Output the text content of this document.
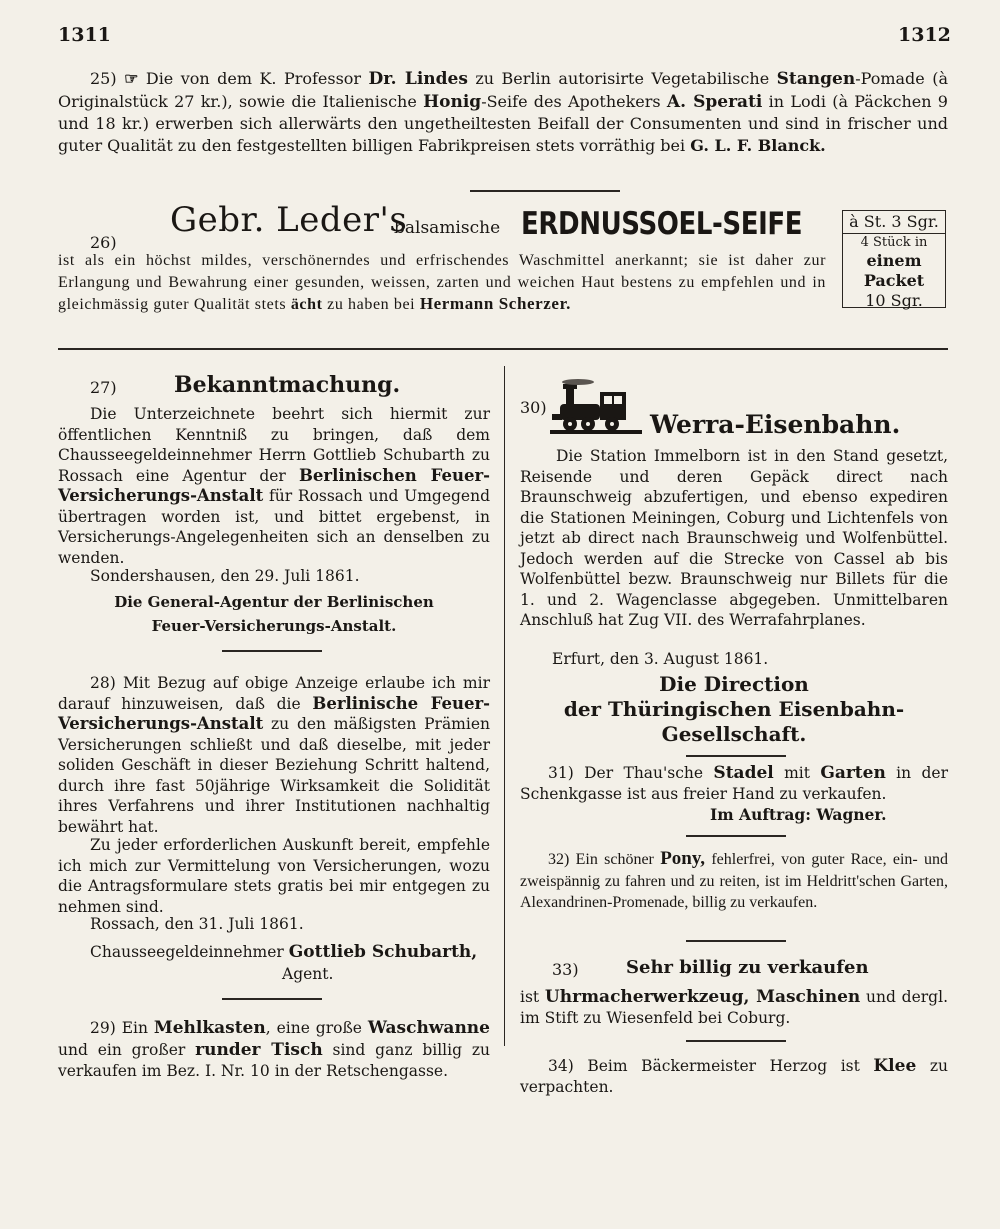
1311	1312
25) ☞ Die von dem K. Professor Dr. Lindes zu Berlin autorisirte Vegetabilische Stangen-Pomade (à Originalstück 27 kr.), sowie die Italienische Honig-Seife des Apothekers A. Sperati in Lodi (à Päckchen 9 und 18 kr.) erwerben sich allerwärts den ungetheiltesten Beifall der Consumenten und sind in frischer und guter Qualität zu den festgestellten billigen Fabrikpreisen stets vorräthig bei G. L. F. Blanck.
26)
Gebr. Leder's
balsamische ERDNUSSOEL-SEIFE	à St. 3 Sgr.
4 Stück in
einem Packet
10 Sgr.
ist als ein höchst mildes, verschönerndes und erfrischendes Waschmittel anerkannt; sie ist daher zur Erlangung und Bewahrung einer gesunden, weissen, zarten und weichen Haut bestens zu empfehlen und in gleichmässig guter Qualität stets ächt zu haben bei Hermann Scherzer.
27)	Bekanntmachung.
Die Unterzeichnete beehrt sich hiermit zur öffentlichen Kenntniß zu bringen, daß dem Chausseegeldeinnehmer Herrn Gottlieb Schubarth zu Rossach eine Agentur der Berlinischen Feuer-Versicherungs-Anstalt für Rossach und Umgegend übertragen worden ist, und bittet ergebenst, in Versicherungs-Angelegenheiten sich an denselben zu wenden.
Sondershausen, den 29. Juli 1861.
Die General-Agentur der Berlinischen
Feuer-Versicherungs-Anstalt.
28) Mit Bezug auf obige Anzeige erlaube ich mir darauf hinzuweisen, daß die Berlinische Feuer-Versicherungs-Anstalt zu den mäßigsten Prämien Versicherungen schließt und daß dieselbe, mit jeder soliden Geschäft in dieser Beziehung Schritt haltend, durch ihre fast 50jährige Wirksamkeit die Solidität ihres Verfahrens und ihrer Institutionen nachhaltig bewährt hat.
Zu jeder erforderlichen Auskunft bereit, empfehle ich mich zur Vermittelung von Versicherungen, wozu die Antragsformulare stets gratis bei mir entgegen zu nehmen sind.
Rossach, den 31. Juli 1861.
Chausseegeldeinnehmer Gottlieb Schubarth,
Agent.
29) Ein Mehlkasten, eine große Waschwanne und ein großer runder Tisch sind ganz billig zu verkaufen im Bez. I. Nr. 10 in der Retschengasse.
30)
Werra-Eisenbahn.
Die Station Immelborn ist in den Stand gesetzt, Reisende und deren Gepäck direct nach Braunschweig abzufertigen, und ebenso expediren die Stationen Meiningen, Coburg und Lichtenfels von jetzt ab direct nach Braunschweig und Wolfenbüttel. Jedoch werden auf die Strecke von Cassel ab bis Wolfenbüttel bezw. Braunschweig nur Billets für die 1. und 2. Wagenclasse abgegeben. Unmittelbaren Anschluß hat Zug VII. des Werrafahrplanes.
Erfurt, den 3. August 1861.
Die Direction
der Thüringischen Eisenbahn-
Gesellschaft.
31) Der Thau'sche Stadel mit Garten in der Schenkgasse ist aus freier Hand zu verkaufen.
Im Auftrag: Wagner.
32) Ein schöner Pony, fehlerfrei, von guter Race, ein- und zweispännig zu fahren und zu reiten, ist im Heldritt'schen Garten, Alexandrinen-Promenade, billig zu verkaufen.
33)	Sehr billig zu verkaufen
ist Uhrmacherwerkzeug, Maschinen und dergl. im Stift zu Wiesenfeld bei Coburg.
34) Beim Bäckermeister Herzog ist Klee zu verpachten.
